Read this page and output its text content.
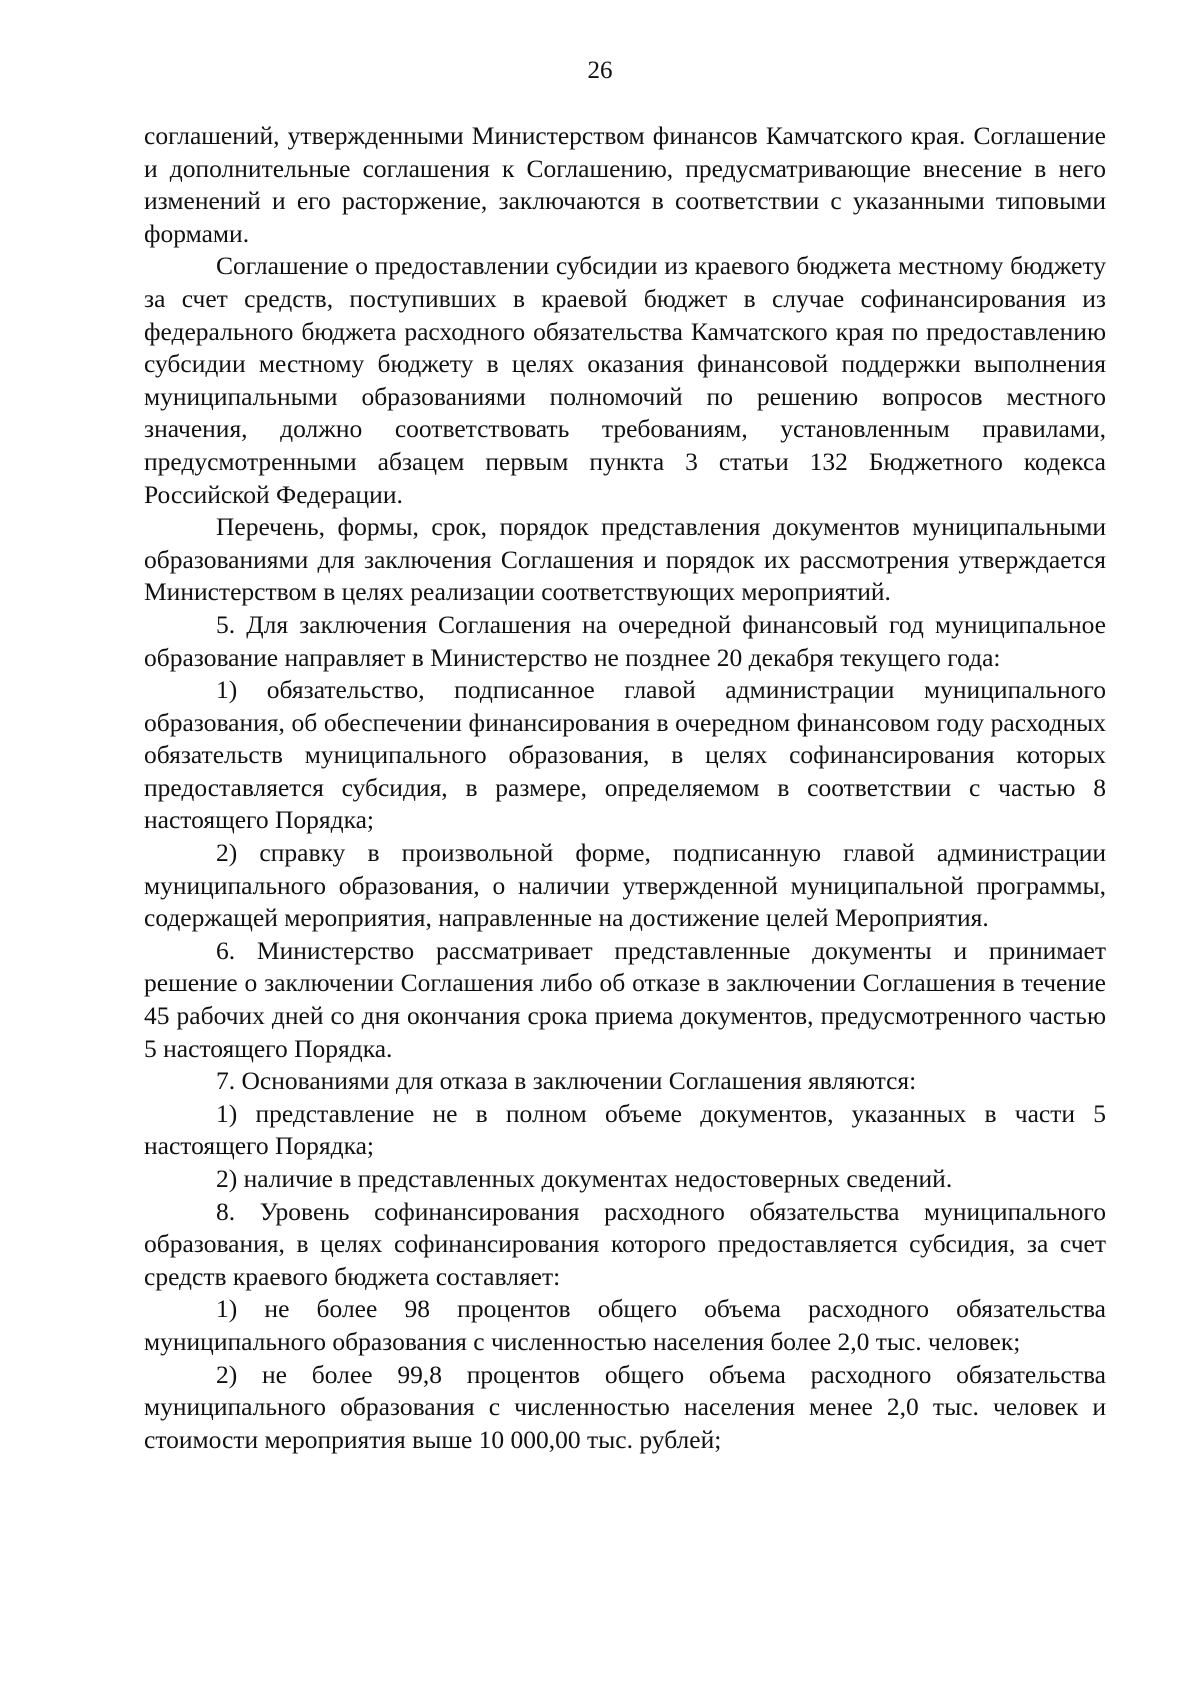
26

соглашений, утвержденными Министерством финансов Камчатского края. Соглашение и дополнительные соглашения к Соглашению, предусматривающие внесение в него изменений и его расторжение, заключаются в соответствии с указанными типовыми формами.

Соглашение о предоставлении субсидии из краевого бюджета местному бюджету за счет средств, поступивших в краевой бюджет в случае софинансирования из федерального бюджета расходного обязательства Камчатского края по предоставлению субсидии местному бюджету в целях оказания финансовой поддержки выполнения муниципальными образованиями полномочий по решению вопросов местного значения, должно соответствовать требованиям, установленным правилами, предусмотренными абзацем первым пункта 3 статьи 132 Бюджетного кодекса Российской Федерации.

Перечень, формы, срок, порядок представления документов муниципальными образованиями для заключения Соглашения и порядок их рассмотрения утверждается Министерством в целях реализации соответствующих мероприятий.

5. Для заключения Соглашения на очередной финансовый год муниципальное образование направляет в Министерство не позднее 20 декабря текущего года:

1) обязательство, подписанное главой администрации муниципального образования, об обеспечении финансирования в очередном финансовом году расходных обязательств муниципального образования, в целях софинансирования которых предоставляется субсидия, в размере, определяемом в соответствии с частью 8 настоящего Порядка;

2) справку в произвольной форме, подписанную главой администрации муниципального образования, о наличии утвержденной муниципальной программы, содержащей мероприятия, направленные на достижение целей Мероприятия.

6. Министерство рассматривает представленные документы и принимает решение о заключении Соглашения либо об отказе в заключении Соглашения в течение 45 рабочих дней со дня окончания срока приема документов, предусмотренного частью 5 настоящего Порядка.

7. Основаниями для отказа в заключении Соглашения являются:

1) представление не в полном объеме документов, указанных в части 5 настоящего Порядка;

2) наличие в представленных документах недостоверных сведений.

8. Уровень софинансирования расходного обязательства муниципального образования, в целях софинансирования которого предоставляется субсидия, за счет средств краевого бюджета составляет:

1) не более 98 процентов общего объема расходного обязательства муниципального образования с численностью населения более 2,0 тыс. человек;

2) не более 99,8 процентов общего объема расходного обязательства муниципального образования с численностью населения менее 2,0 тыс. человек и стоимости мероприятия выше 10 000,00 тыс. рублей;
